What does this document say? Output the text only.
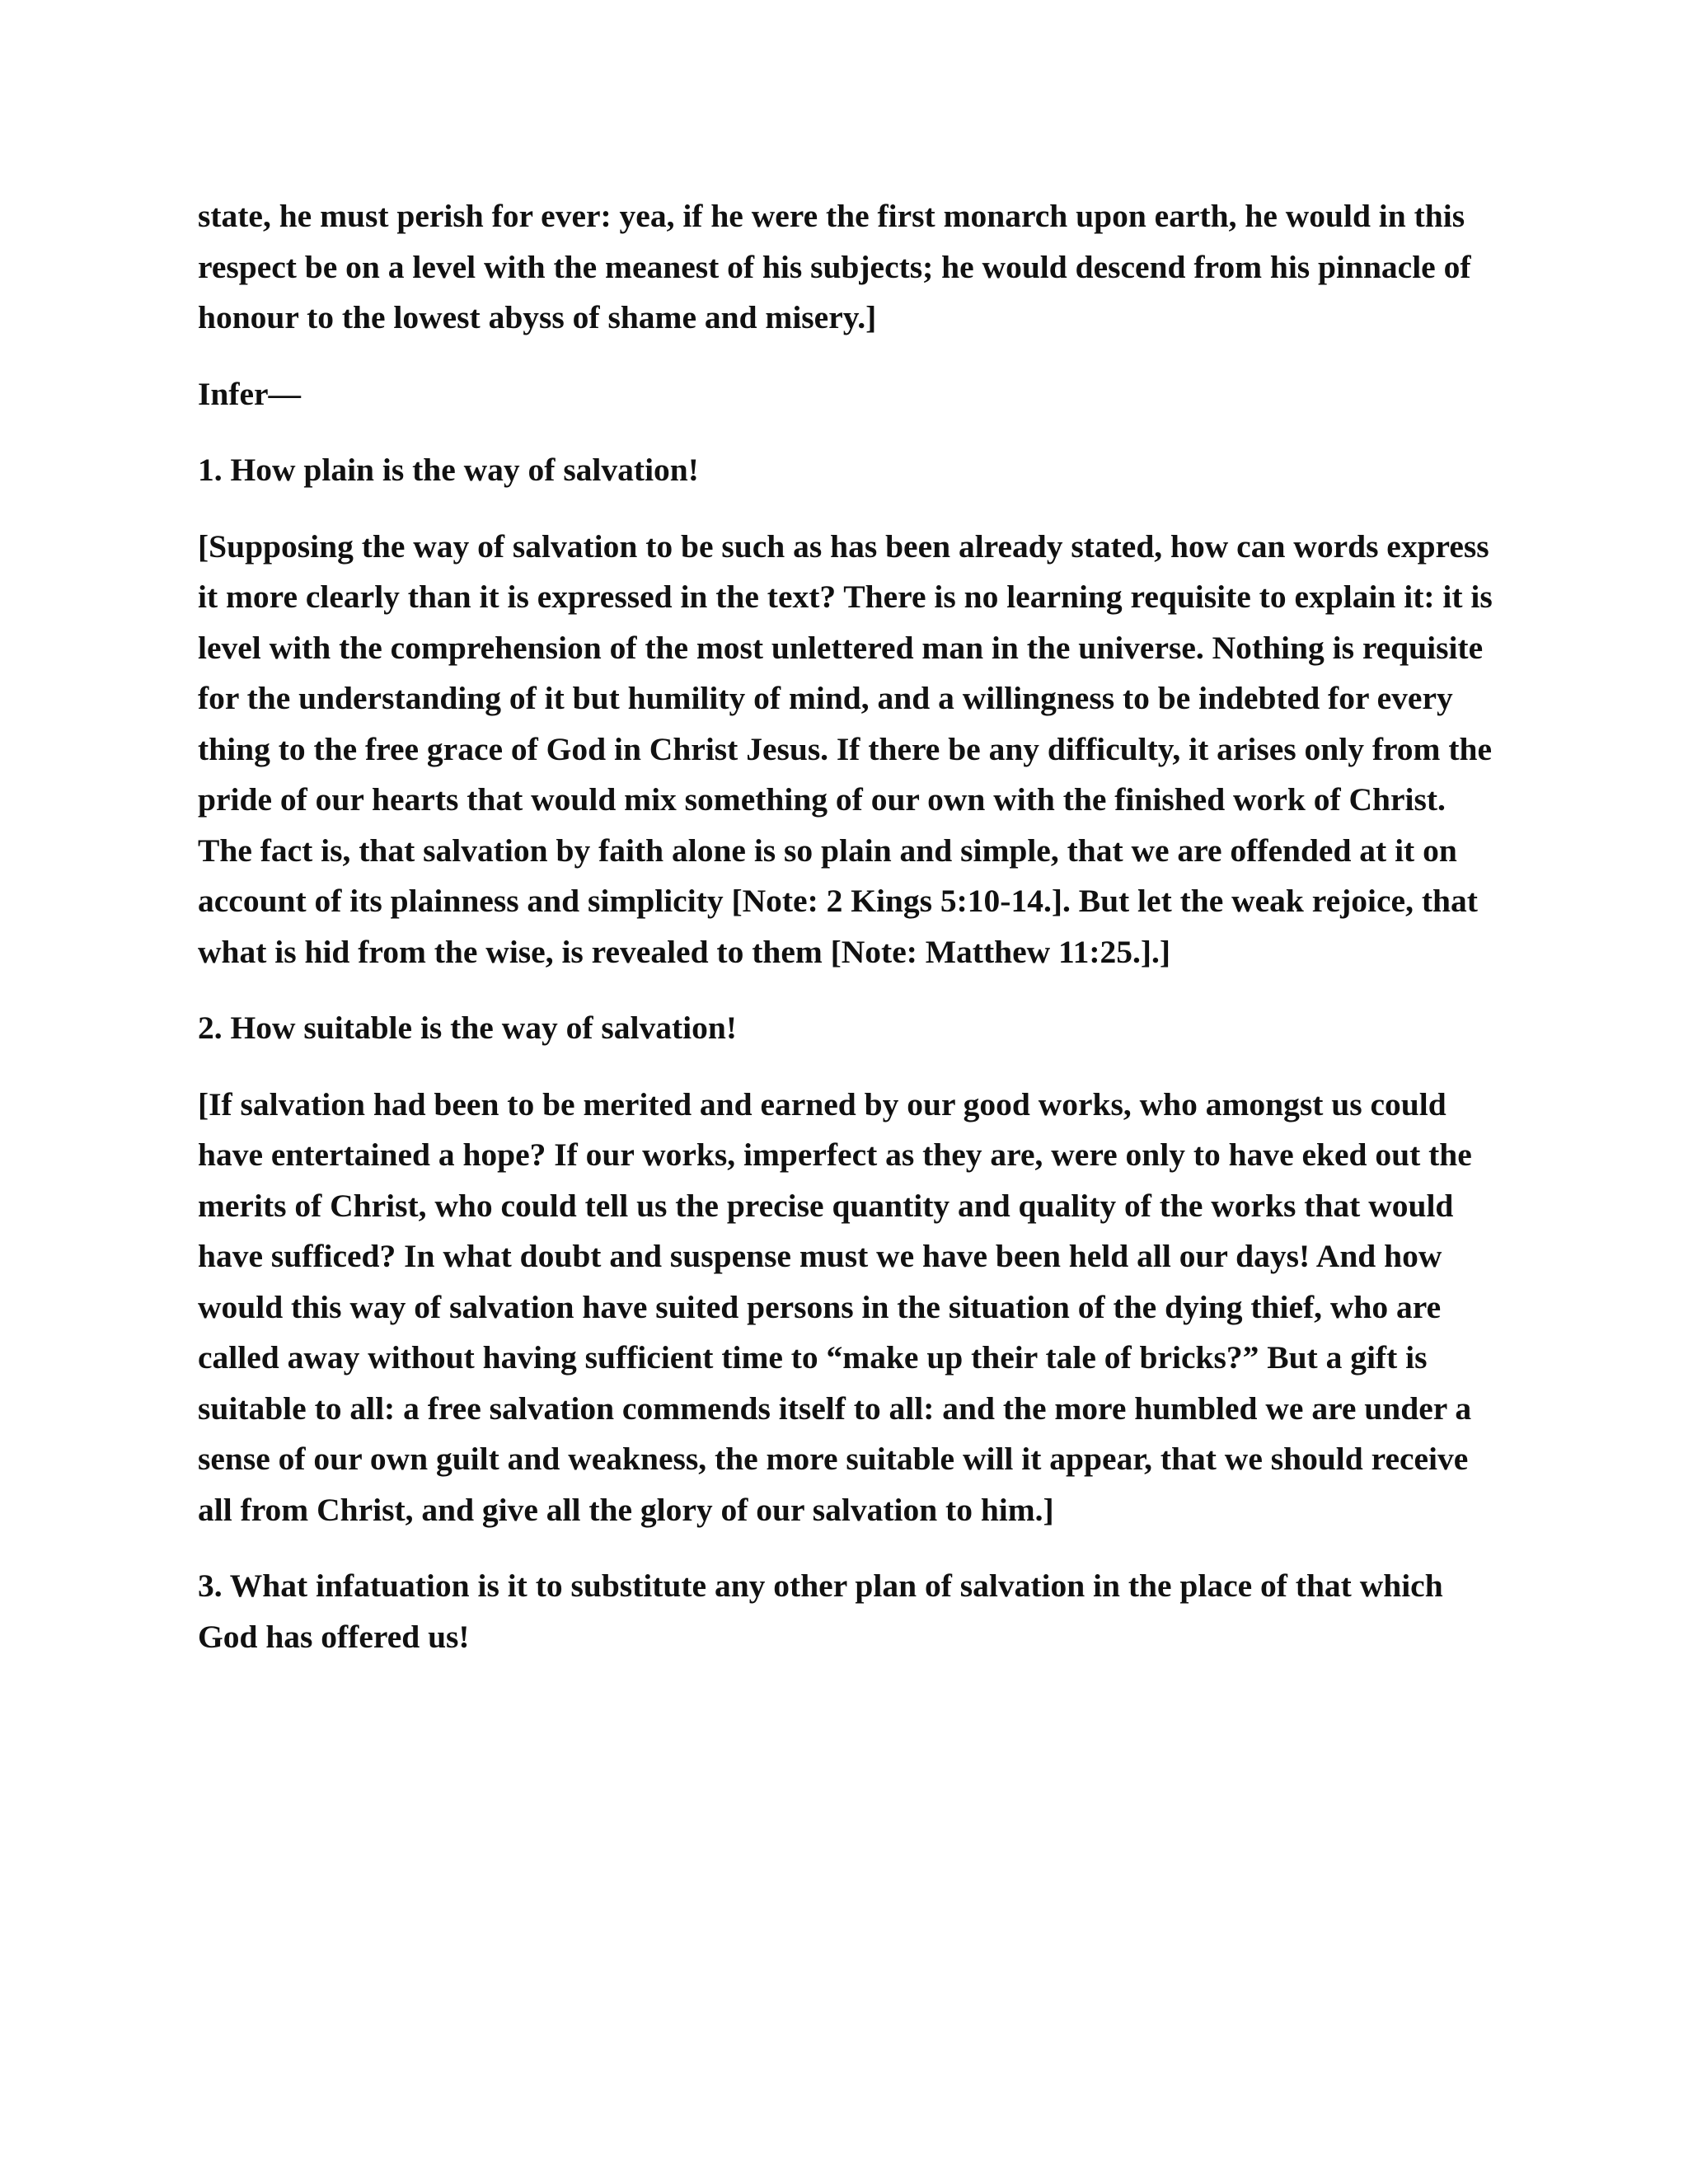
state, he must perish for ever: yea, if he were the first monarch upon earth, he would in this respect be on a level with the meanest of his subjects; he would descend from his pinnacle of honour to the lowest abyss of shame and misery.]

Infer—

1. How plain is the way of salvation!

[Supposing the way of salvation to be such as has been already stated, how can words express it more clearly than it is expressed in the text? There is no learning requisite to explain it: it is level with the comprehension of the most unlettered man in the universe. Nothing is requisite for the understanding of it but humility of mind, and a willingness to be indebted for every thing to the free grace of God in Christ Jesus. If there be any difficulty, it arises only from the pride of our hearts that would mix something of our own with the finished work of Christ. The fact is, that salvation by faith alone is so plain and simple, that we are offended at it on account of its plainness and simplicity [Note: 2 Kings 5:10-14.]. But let the weak rejoice, that what is hid from the wise, is revealed to them [Note: Matthew 11:25.].]

2. How suitable is the way of salvation!

[If salvation had been to be merited and earned by our good works, who amongst us could have entertained a hope? If our works, imperfect as they are, were only to have eked out the merits of Christ, who could tell us the precise quantity and quality of the works that would have sufficed? In what doubt and suspense must we have been held all our days! And how would this way of salvation have suited persons in the situation of the dying thief, who are called away without having sufficient time to “make up their tale of bricks?” But a gift is suitable to all: a free salvation commends itself to all: and the more humbled we are under a sense of our own guilt and weakness, the more suitable will it appear, that we should receive all from Christ, and give all the glory of our salvation to him.]

3. What infatuation is it to substitute any other plan of salvation in the place of that which God has offered us!
